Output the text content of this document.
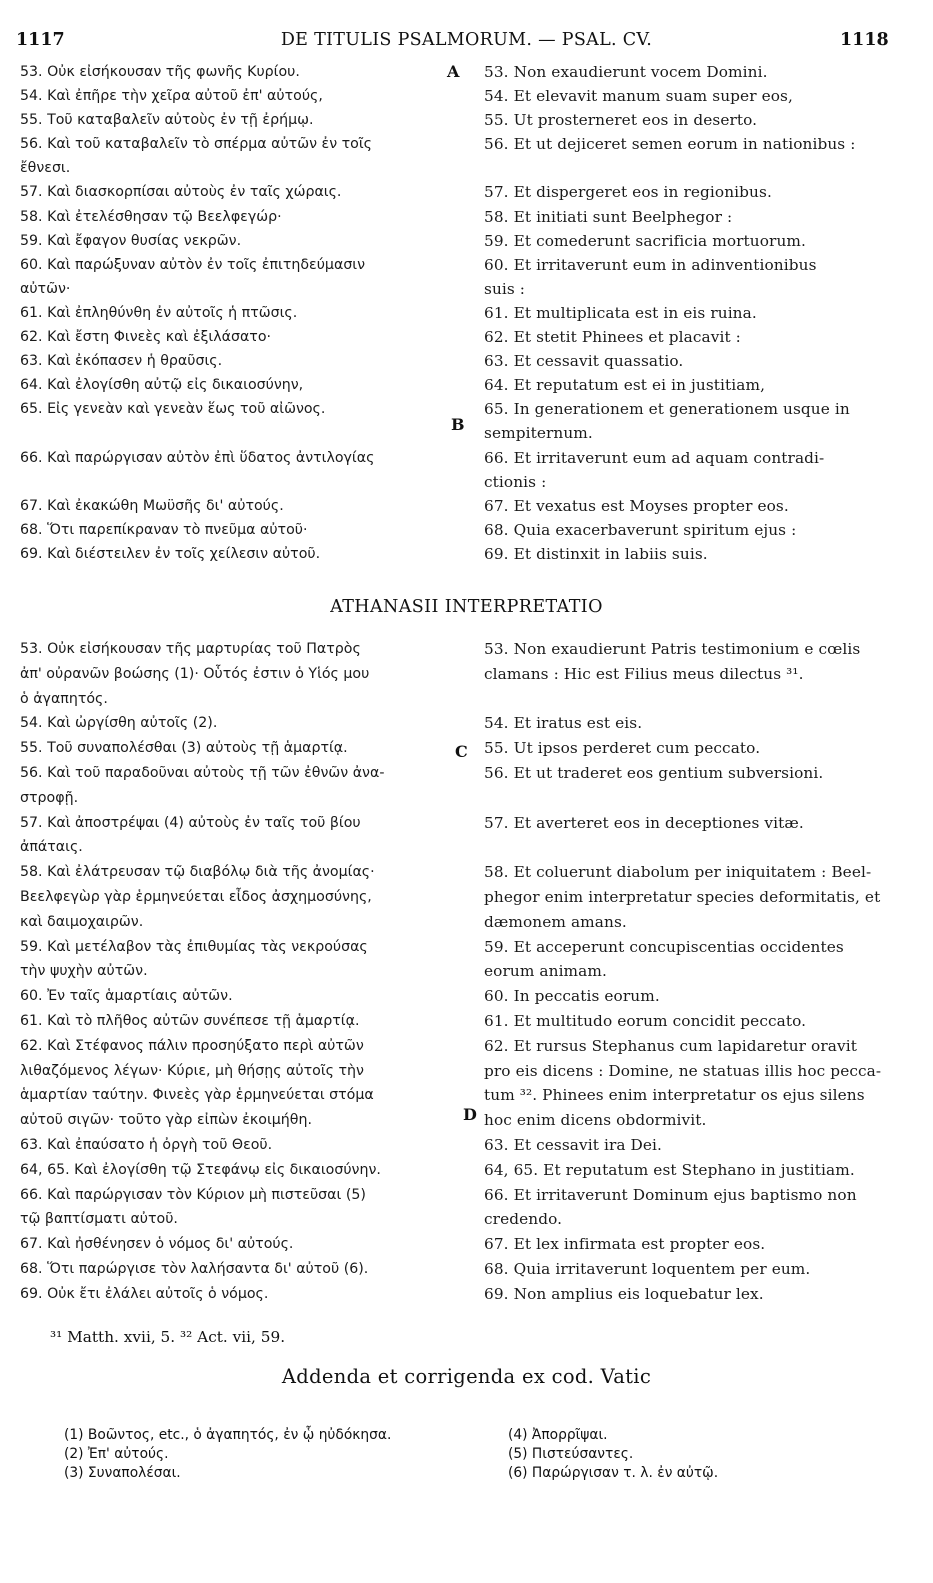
1117	DE TITULIS PSALMORUM. — PSAL. CV.	1118
53. Οὐκ εἰσήκουσαν τῆς φωνῆς Κυρίου.
54. Καὶ ἐπῆρε τὴν χεῖρα αὐτοῦ ἐπ' αὐτούς,
55. Τοῦ καταβαλεῖν αὐτοὺς ἐν τῇ ἐρήμῳ.
56. Καὶ τοῦ καταβαλεῖν τὸ σπέρμα αὐτῶν ἐν τοῖς
ἔθνεσι.
57. Καὶ διασκορπίσαι αὐτοὺς ἐν ταῖς χώραις.
58. Καὶ ἐτελέσθησαν τῷ Βεελφεγώρ·
59. Καὶ ἔφαγον θυσίας νεκρῶν.
60. Καὶ παρώξυναν αὐτὸν ἐν τοῖς ἐπιτηδεύμασιν
αὐτῶν·
61. Καὶ ἐπληθύνθη ἐν αὐτοῖς ἡ πτῶσις.
62. Καὶ ἔστη Φινεὲς καὶ ἐξιλάσατο·
63. Καὶ ἐκόπασεν ἡ θραῦσις.
64. Καὶ ἐλογίσθη αὐτῷ εἰς δικαιοσύνην,
65. Εἰς γενεὰν καὶ γενεὰν ἕως τοῦ αἰῶνος.
66. Καὶ παρώργισαν αὐτὸν ἐπὶ ὕδατος ἀντιλογίας
67. Καὶ ἐκακώθη Μωϋσῆς δι' αὐτούς.
68. Ὅτι παρεπίκραναν τὸ πνεῦμα αὐτοῦ·
69. Καὶ διέστειλεν ἐν τοῖς χείλεσιν αὐτοῦ.
53. Non exaudierunt vocem Domini.
54. Et elevavit manum suam super eos,
55. Ut prosterneret eos in deserto.
56. Et ut dejiceret semen eorum in nationibus :
57. Et dispergeret eos in regionibus.
58. Et initiati sunt Beelphegor :
59. Et comederunt sacrificia mortuorum.
60. Et irritaverunt eum in adinventionibus
suis :
61. Et multiplicata est in eis ruina.
62. Et stetit Phinees et placavit :
63. Et cessavit quassatio.
64. Et reputatum est ei in justitiam,
65. In generationem et generationem usque in
sempiternum.
66. Et irritaverunt eum ad aquam contradi-
ctionis :
67. Et vexatus est Moyses propter eos.
68. Quia exacerbaverunt spiritum ejus :
69. Et distinxit in labiis suis.
A
B
ATHANASII INTERPRETATIO
53. Οὐκ εἰσήκουσαν τῆς μαρτυρίας τοῦ Πατρὸς
ἀπ' οὐρανῶν βοώσης (1)· Οὗτός ἐστιν ὁ Υἱός μου
ὁ ἀγαπητός.
54. Καὶ ὠργίσθη αὐτοῖς (2).
55. Τοῦ συναπολέσθαι (3) αὐτοὺς τῇ ἁμαρτίᾳ.
56. Καὶ τοῦ παραδοῦναι αὐτοὺς τῇ τῶν ἐθνῶν ἀνα-
στροφῇ.
57. Καὶ ἀποστρέψαι (4) αὐτοὺς ἐν ταῖς τοῦ βίου
ἀπάταις.
58. Καὶ ἐλάτρευσαν τῷ διαβόλῳ διὰ τῆς ἀνομίας·
Βεελφεγὼρ γὰρ ἑρμηνεύεται εἶδος ἀσχημοσύνης,
καὶ δαιμοχαιρῶν.
59. Καὶ μετέλαβον τὰς ἐπιθυμίας τὰς νεκρούσας
τὴν ψυχὴν αὐτῶν.
60. Ἐν ταῖς ἁμαρτίαις αὐτῶν.
61. Καὶ τὸ πλῆθος αὐτῶν συνέπεσε τῇ ἁμαρτίᾳ.
62. Καὶ Στέφανος πάλιν προσηύξατο περὶ αὐτῶν
λιθαζόμενος λέγων· Κύριε, μὴ θήσῃς αὐτοῖς τὴν
ἁμαρτίαν ταύτην. Φινεὲς γὰρ ἑρμηνεύεται στόμα
αὐτοῦ σιγῶν· τοῦτο γὰρ εἰπὼν ἐκοιμήθη.
63. Καὶ ἐπαύσατο ἡ ὀργὴ τοῦ Θεοῦ.
64, 65. Καὶ ἐλογίσθη τῷ Στεφάνῳ εἰς δικαιοσύνην.
66. Καὶ παρώργισαν τὸν Κύριον μὴ πιστεῦσαι (5)
τῷ βαπτίσματι αὐτοῦ.
67. Καὶ ἠσθένησεν ὁ νόμος δι' αὐτούς.
68. Ὅτι παρώργισε τὸν λαλήσαντα δι' αὐτοῦ (6).
69. Οὐκ ἔτι ἐλάλει αὐτοῖς ὁ νόμος.
53. Non exaudierunt Patris testimonium e cœlis
clamans : Hic est Filius meus dilectus ³¹.
54. Et iratus est eis.
55. Ut ipsos perderet cum peccato.
56. Et ut traderet eos gentium subversioni.
57. Et averteret eos in deceptiones vitæ.
58. Et coluerunt diabolum per iniquitatem : Beel-
phegor enim interpretatur species deformitatis, et
dæmonem amans.
59. Et acceperunt concupiscentias occidentes
eorum animam.
60. In peccatis eorum.
61. Et multitudo eorum concidit peccato.
62. Et rursus Stephanus cum lapidaretur oravit
pro eis dicens : Domine, ne statuas illis hoc pecca-
tum ³². Phinees enim interpretatur os ejus silens
hoc enim dicens obdormivit.
63. Et cessavit ira Dei.
64, 65. Et reputatum est Stephano in justitiam.
66. Et irritaverunt Dominum ejus baptismo non
credendo.
67. Et lex infirmata est propter eos.
68. Quia irritaverunt loquentem per eum.
69. Non amplius eis loquebatur lex.
C
D
³¹ Matth. xvii, 5. ³² Act. vii, 59.
Addenda et corrigenda ex cod. Vatic
(1) Βοῶντος, etc., ὁ ἀγαπητός, ἐν ᾧ ηὐδόκησα.
(2) Ἐπ' αὐτούς.
(3) Συναπολέσαι.
(4) Ἀπορρῖψαι.
(5) Πιστεύσαντες.
(6) Παρώργισαν τ. λ. ἐν αὐτῷ.
